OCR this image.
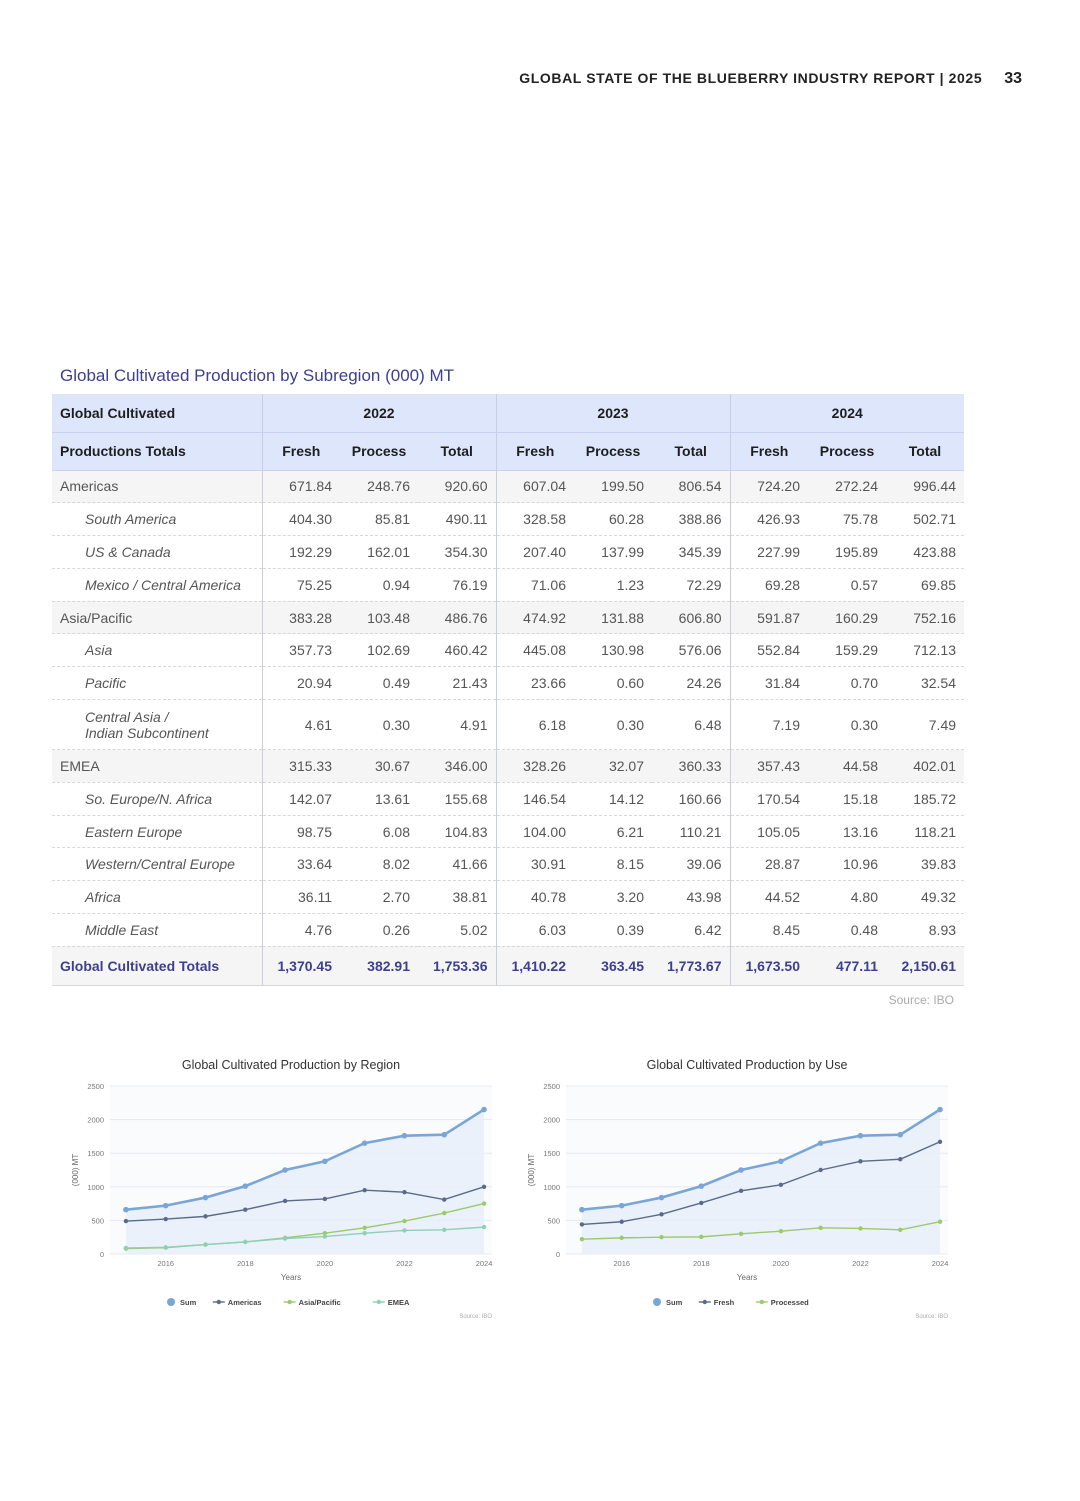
GLOBAL STATE OF THE BLUEBERRY INDUSTRY REPORT | 2025 33
Global Cultivated Production by Subregion (000) MT
Global Cultivated	2022			2023			2024		
Productions Totals	Fresh	Process	Total	Fresh	Process	Total	Fresh	Process	Total
Americas	671.84	248.76	920.60	607.04	199.50	806.54	724.20	272.24	996.44
South America	404.30	85.81	490.11	328.58	60.28	388.86	426.93	75.78	502.71
US & Canada	192.29	162.01	354.30	207.40	137.99	345.39	227.99	195.89	423.88
Mexico / Central America	75.25	0.94	76.19	71.06	1.23	72.29	69.28	0.57	69.85
Asia/Pacific	383.28	103.48	486.76	474.92	131.88	606.80	591.87	160.29	752.16
Asia	357.73	102.69	460.42	445.08	130.98	576.06	552.84	159.29	712.13
Pacific	20.94	0.49	21.43	23.66	0.60	24.26	31.84	0.70	32.54
Central Asia /
Indian Subcontinent	4.61	0.30	4.91	6.18	0.30	6.48	7.19	0.30	7.49
EMEA	315.33	30.67	346.00	328.26	32.07	360.33	357.43	44.58	402.01
So. Europe/N. Africa	142.07	13.61	155.68	146.54	14.12	160.66	170.54	15.18	185.72
Eastern Europe	98.75	6.08	104.83	104.00	6.21	110.21	105.05	13.16	118.21
Western/Central Europe	33.64	8.02	41.66	30.91	8.15	39.06	28.87	10.96	39.83
Africa	36.11	2.70	38.81	40.78	3.20	43.98	44.52	4.80	49.32
Middle East	4.76	0.26	5.02	6.03	0.39	6.42	8.45	0.48	8.93
Global Cultivated Totals	1,370.45	382.91	1,753.36	1,410.22	363.45	1,773.67	1,673.50	477.11	2,150.61
Source: IBO
Global Cultivated Production by Region
0
500
1000
1500
2000
2500
2016	2018	2020	2022	2024
Years
(000) MT
Sum	Americas	Asia/Pacific	EMEA
Source: IBO
Global Cultivated Production by Use
0
500
1000
1500
2000
2500
2016	2018	2020	2022	2024
Years
(000) MT
Sum	Fresh	Processed
Source: IBO
